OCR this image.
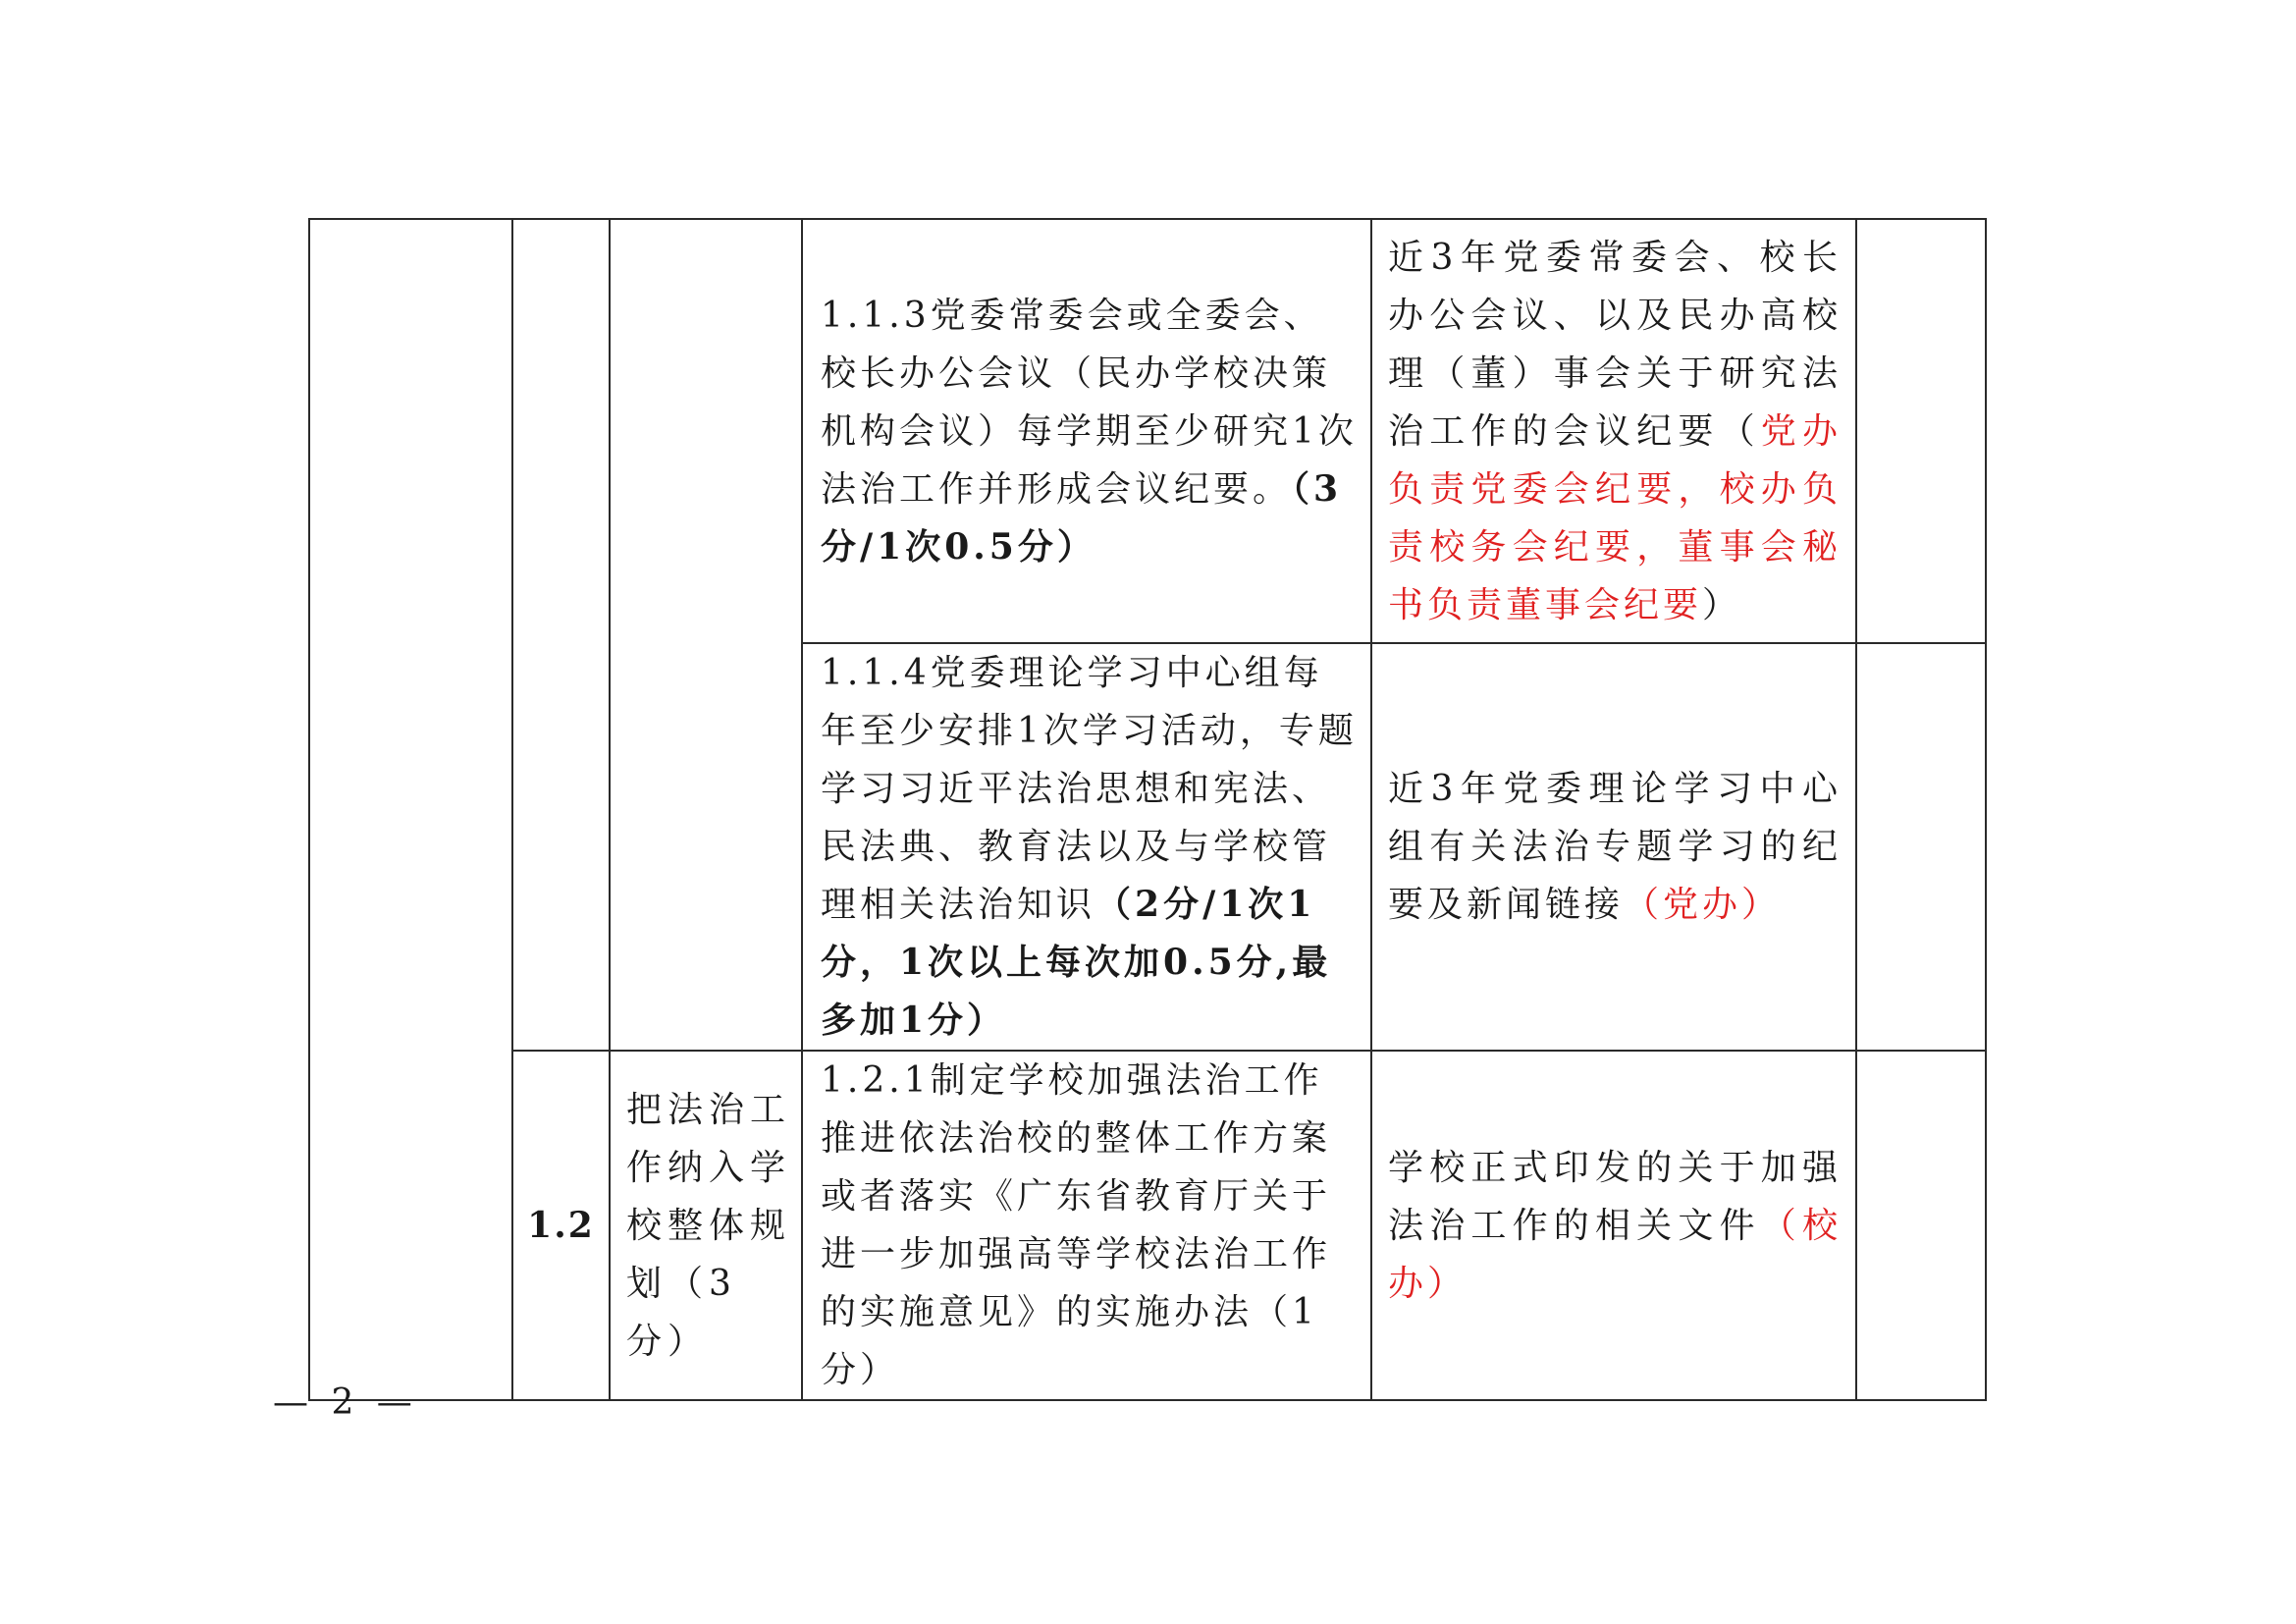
			1.1.3党委常委会或全委会、校长办公会议（民办学校决策机构会议）每学期至少研究1次法治工作并形成会议纪要。（3分/1次0.5分）	近3年党委常委会、校长办公会议、以及民办高校理（董）事会关于研究法治工作的会议纪要（党办负责党委会纪要，校办负责校务会纪要，董事会秘书负责董事会纪要）	

			1.1.4党委理论学习中心组每年至少安排1次学习活动，专题学习习近平法治思想和宪法、民法典、教育法以及与学校管理相关法治知识（2分/1次1分，1次以上每次加0.5分,最多加1分）	近3年党委理论学习中心组有关法治专题学习的纪要及新闻链接（党办）	

	1.2	把法治工作纳入学校整体规划（3分）	1.2.1制定学校加强法治工作推进依法治校的整体工作方案或者落实《广东省教育厅关于进一步加强高等学校法治工作的实施意见》的实施办法（1分）	学校正式印发的关于加强法治工作的相关文件（校办）	

— 2 —
